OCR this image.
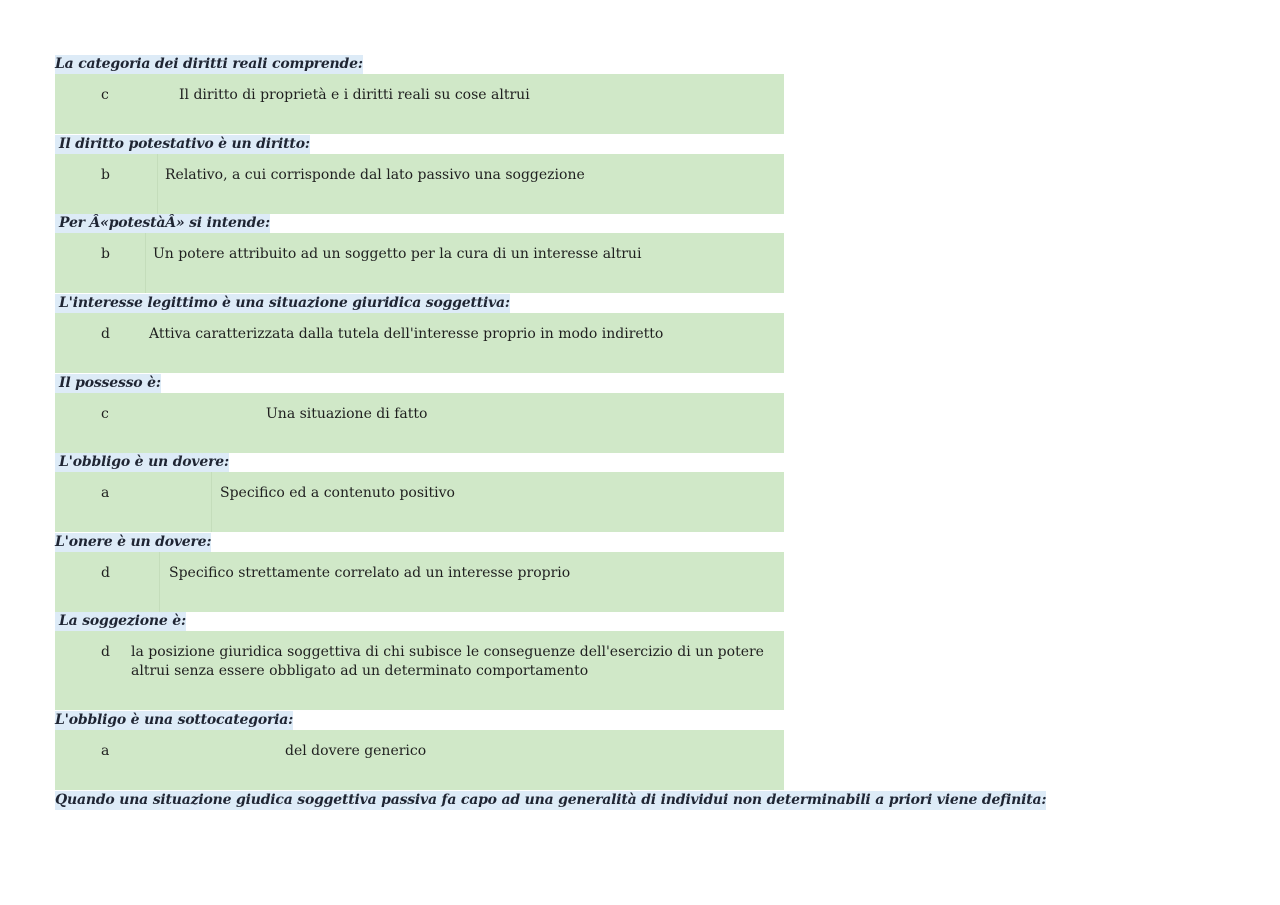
La categoria dei diritti reali comprende:
c	Il diritto di proprietà e i diritti reali su cose altrui
Il diritto potestativo è un diritto:
b	Relativo, a cui corrisponde dal lato passivo una soggezione
Per Â«potestàÂ» si intende:
b	Un potere attribuito ad un soggetto per la cura di un interesse altrui
L'interesse legittimo è una situazione giuridica soggettiva:
d	Attiva caratterizzata dalla tutela dell'interesse proprio in modo indiretto
Il possesso è:
c	Una situazione di fatto
L'obbligo è un dovere:
a	Specifico ed a contenuto positivo
L'onere è un dovere:
d	Specifico strettamente correlato ad un interesse proprio
La soggezione è:
d la posizione giuridica soggettiva di chi subisce le conseguenze dell'esercizio di un potere altrui senza essere obbligato ad un determinato comportamento
L'obbligo è una sottocategoria:
a	del dovere generico
Quando una situazione giudica soggettiva passiva fa capo ad una generalità di individui non determinabili a priori viene definita:
